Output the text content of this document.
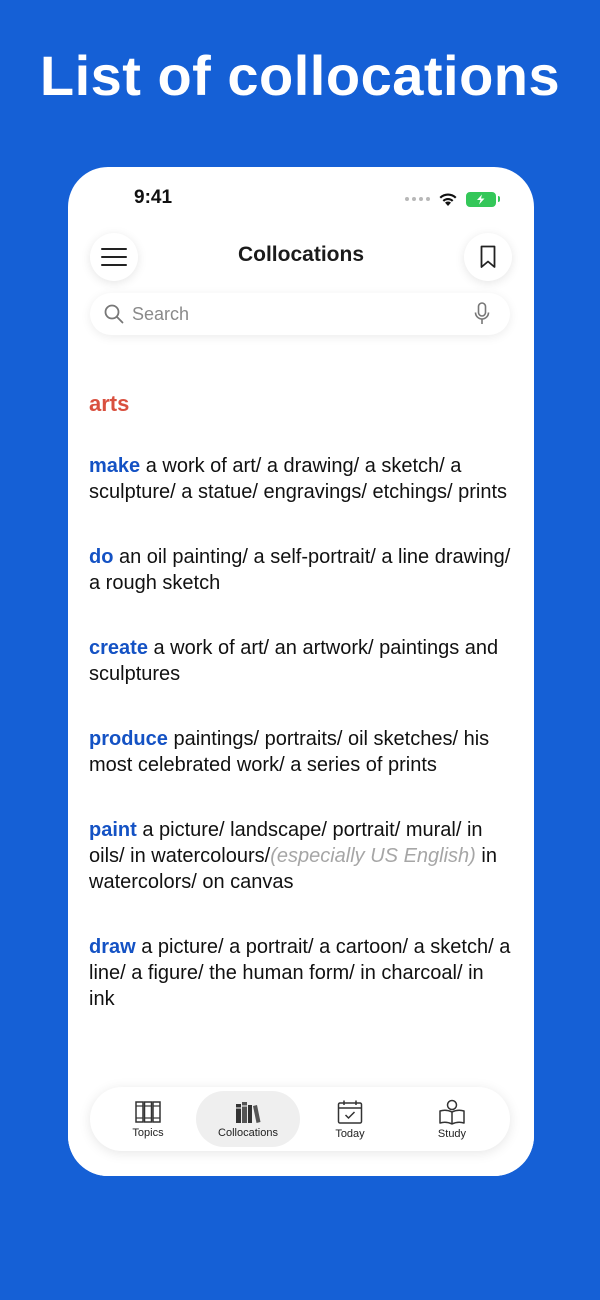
List of collocations
9:41
Collocations
Search
arts
make a work of art/ a drawing/ a sketch/ a sculpture/ a statue/ engravings/ etchings/ prints
do an oil painting/ a self-portrait/ a line drawing/ a rough sketch
create a work of art/ an artwork/ paintings and sculptures
produce paintings/ portraits/ oil sketches/ his most celebrated work/ a series of prints
paint a picture/ landscape/ portrait/ mural/ in oils/ in watercolours/(especially US English) in watercolors/ on canvas
draw a picture/ a portrait/ a cartoon/ a sketch/ a line/ a figure/ the human form/ in charcoal/ in ink
Topics	Collocations	Today	Study
